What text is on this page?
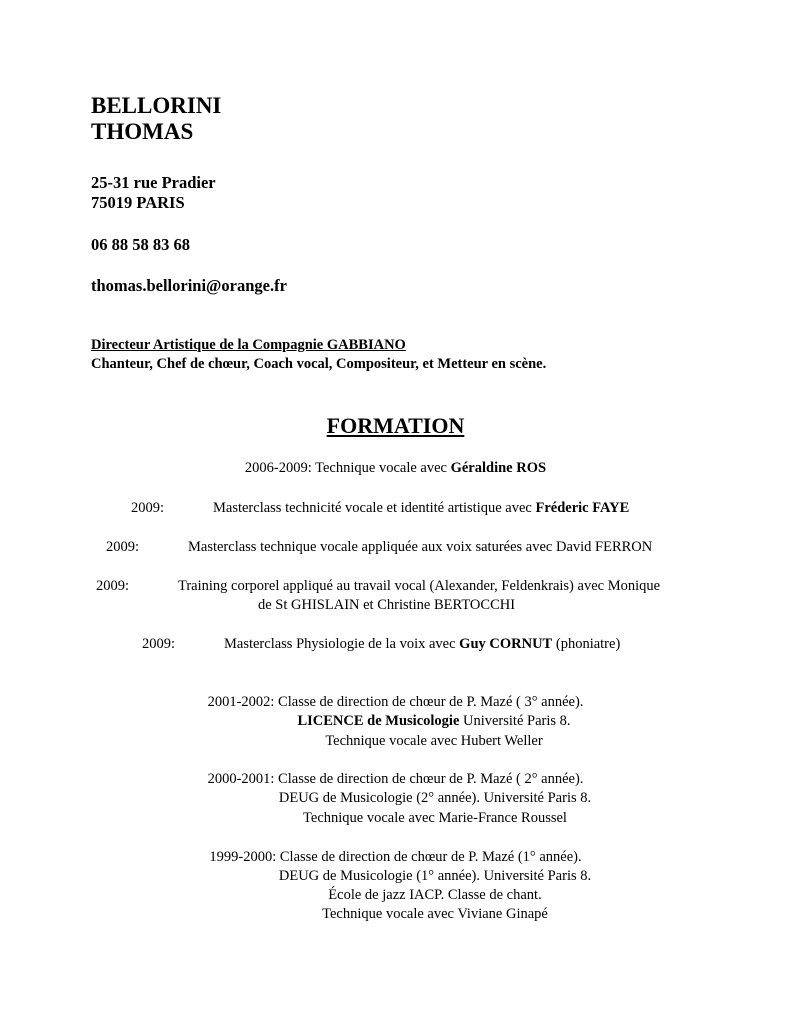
BELLORINI
THOMAS
25-31 rue Pradier
75019 PARIS
06 88 58 83 68
thomas.bellorini@orange.fr
Directeur Artistique de la Compagnie GABBIANO
Chanteur, Chef de chœur, Coach vocal, Compositeur, et Metteur en scène.
FORMATION
2006-2009: Technique vocale avec Géraldine ROS
2009:	Masterclass technicité vocale et identité artistique avec Fréderic FAYE
2009:	Masterclass technique vocale appliquée aux voix saturées avec David FERRON
2009:	Training corporel appliqué au travail vocal (Alexander, Feldenkrais) avec Monique
de St GHISLAIN et Christine BERTOCCHI
2009:	Masterclass Physiologie de la voix avec Guy CORNUT (phoniatre)
2001-2002: Classe de direction de chœur de P. Mazé ( 3° année).
LICENCE de Musicologie Université Paris 8.
Technique vocale avec Hubert Weller
2000-2001: Classe de direction de chœur de P. Mazé ( 2° année).
DEUG de Musicologie (2° année). Université Paris 8.
Technique vocale avec Marie-France Roussel
1999-2000: Classe de direction de chœur de P. Mazé (1° année).
DEUG de Musicologie (1° année). Université Paris 8.
École de jazz IACP. Classe de chant.
Technique vocale avec Viviane Ginapé
